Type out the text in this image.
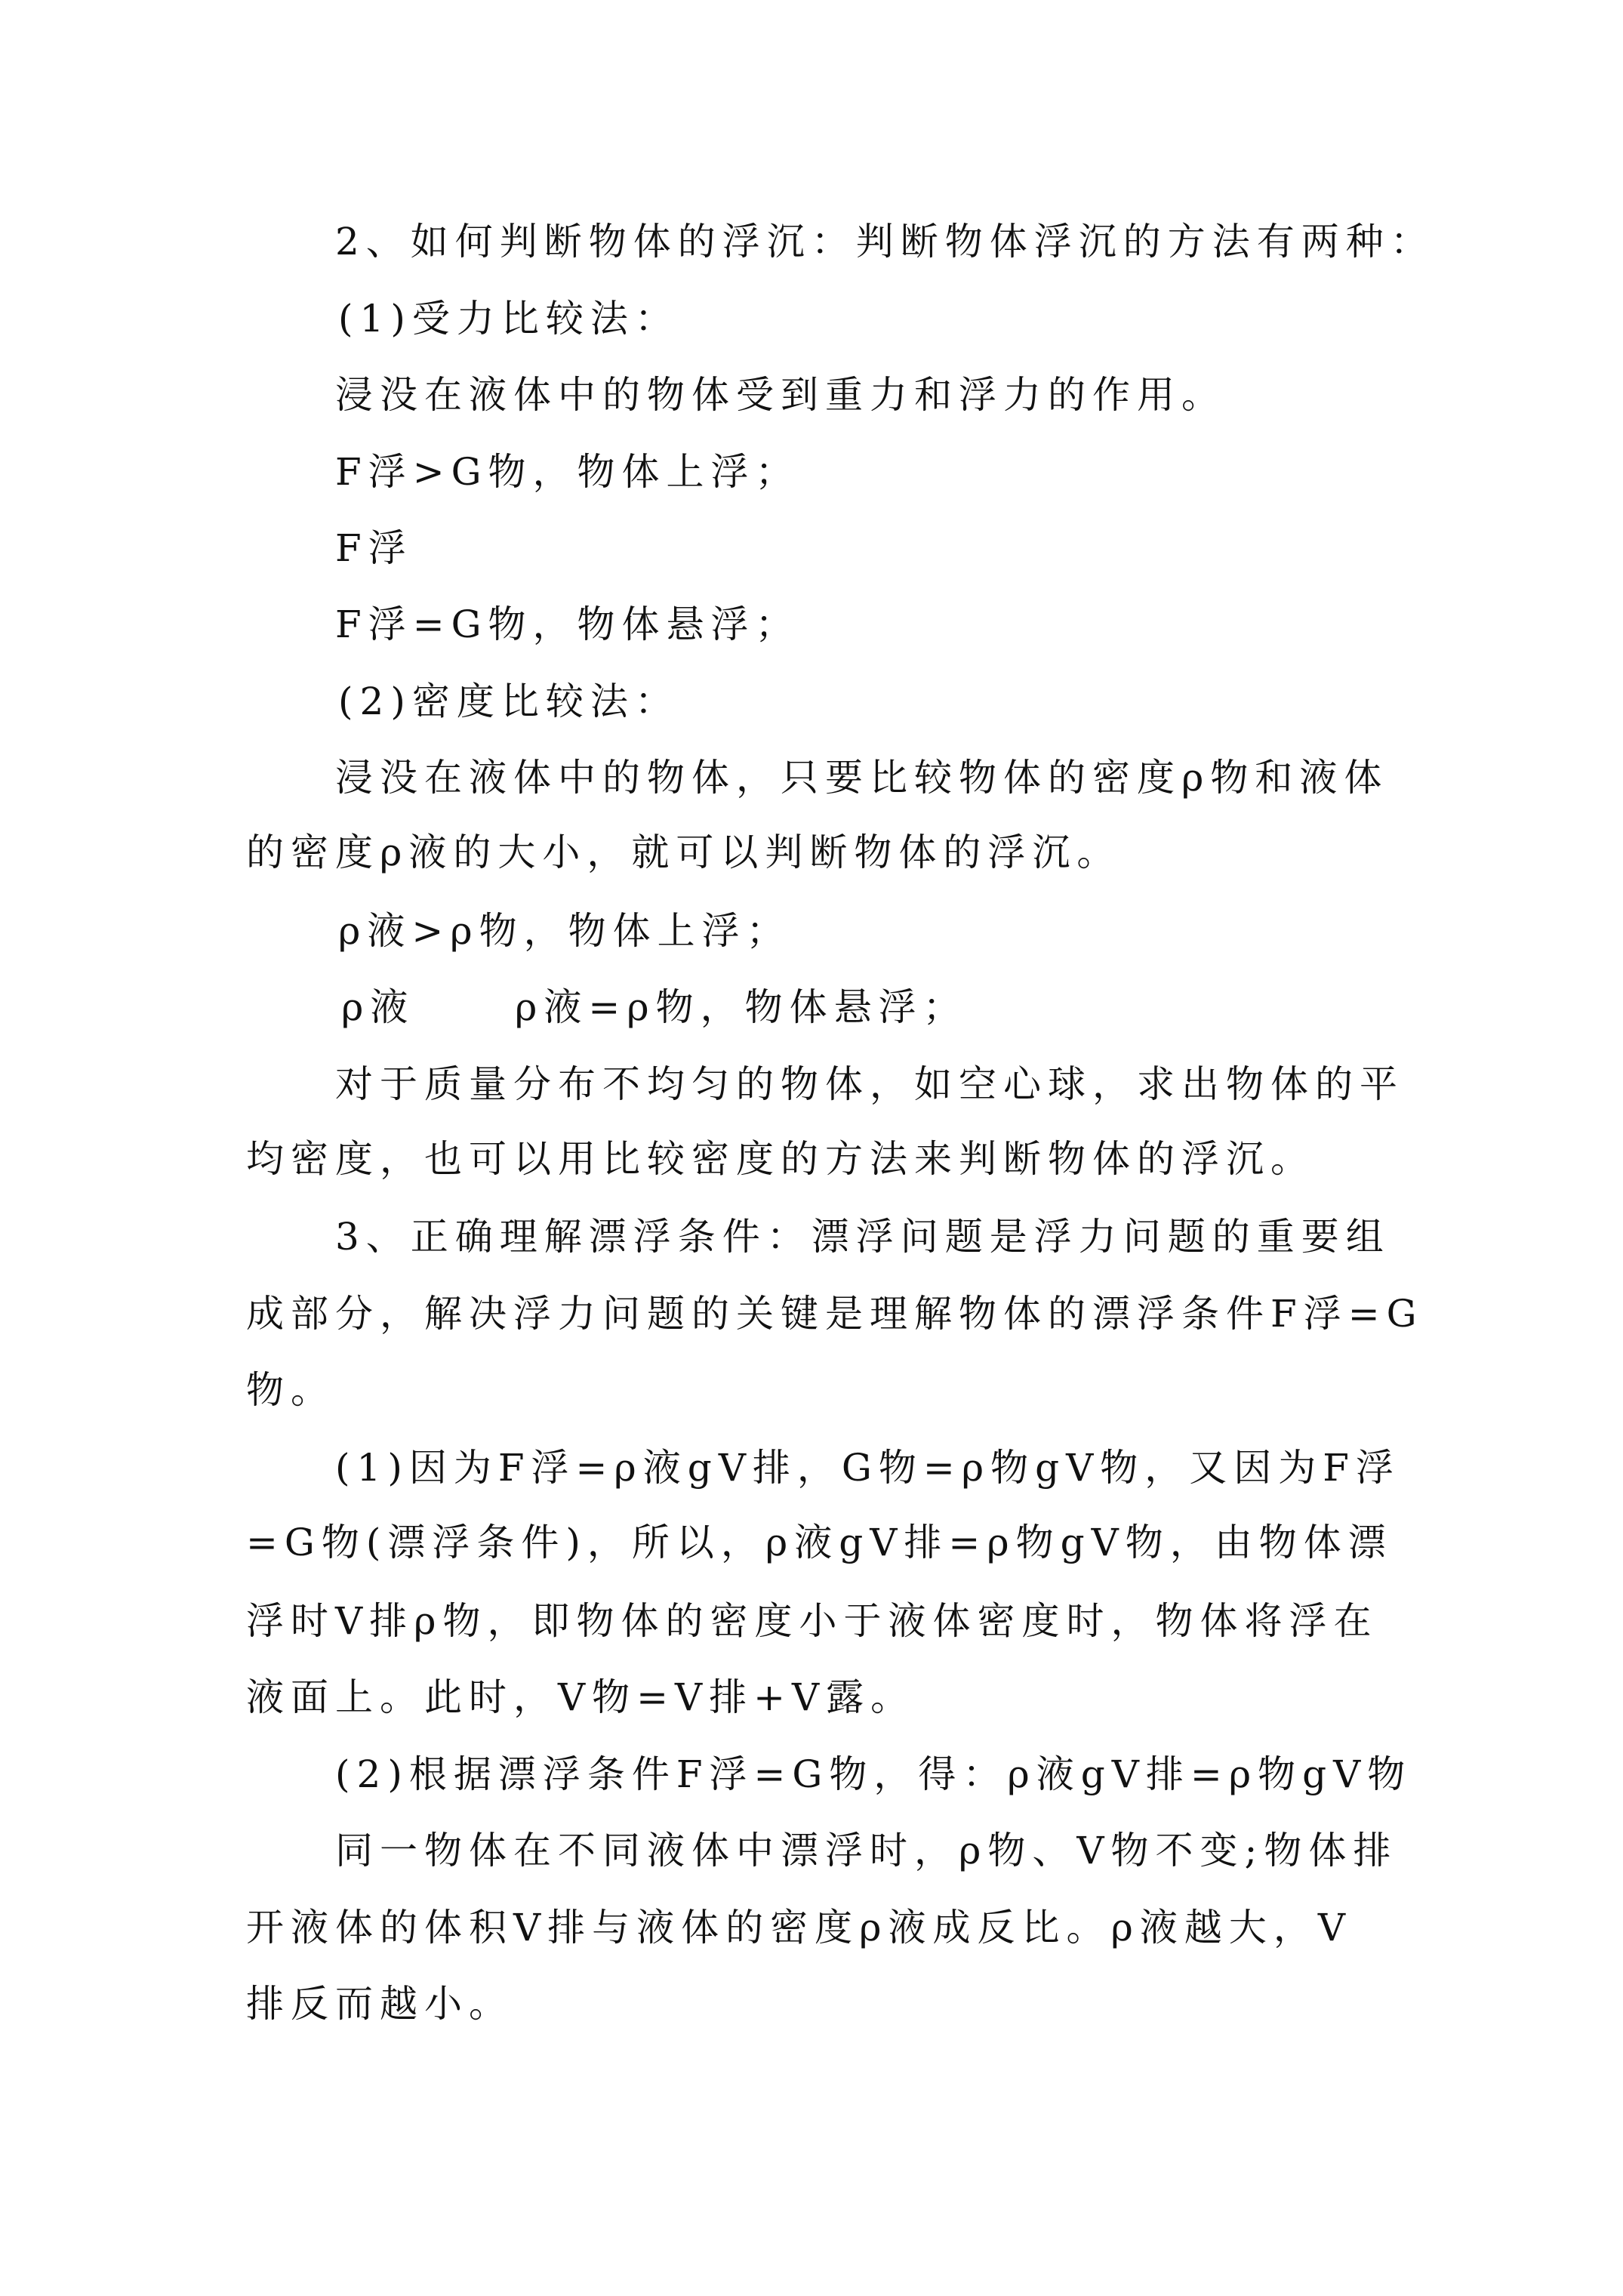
2、如何判断物体的浮沉：判断物体浮沉的方法有两种：
(1)受力比较法：
浸没在液体中的物体受到重力和浮力的作用。
F浮>G物，物体上浮；
F浮
F浮=G物，物体悬浮；
(2)密度比较法：
浸没在液体中的物体，只要比较物体的密度ρ物和液体
的密度ρ液的大小，就可以判断物体的浮沉。
ρ液>ρ物，物体上浮；
ρ液	ρ液=ρ物，物体悬浮；
对于质量分布不均匀的物体，如空心球，求出物体的平
均密度，也可以用比较密度的方法来判断物体的浮沉。
3、正确理解漂浮条件：漂浮问题是浮力问题的重要组
成部分，解决浮力问题的关键是理解物体的漂浮条件F浮=G
物。
(1)因为F浮=ρ液gV排，G物=ρ物gV物，又因为F浮
=G物(漂浮条件)，所以，ρ液gV排=ρ物gV物，由物体漂
浮时V排ρ物，即物体的密度小于液体密度时，物体将浮在
液面上。此时，V物=V排+V露。
(2)根据漂浮条件F浮=G物，得：ρ液gV排=ρ物gV物
同一物体在不同液体中漂浮时，ρ物、V物不变;物体排
开液体的体积V排与液体的密度ρ液成反比。ρ液越大，V
排反而越小。
